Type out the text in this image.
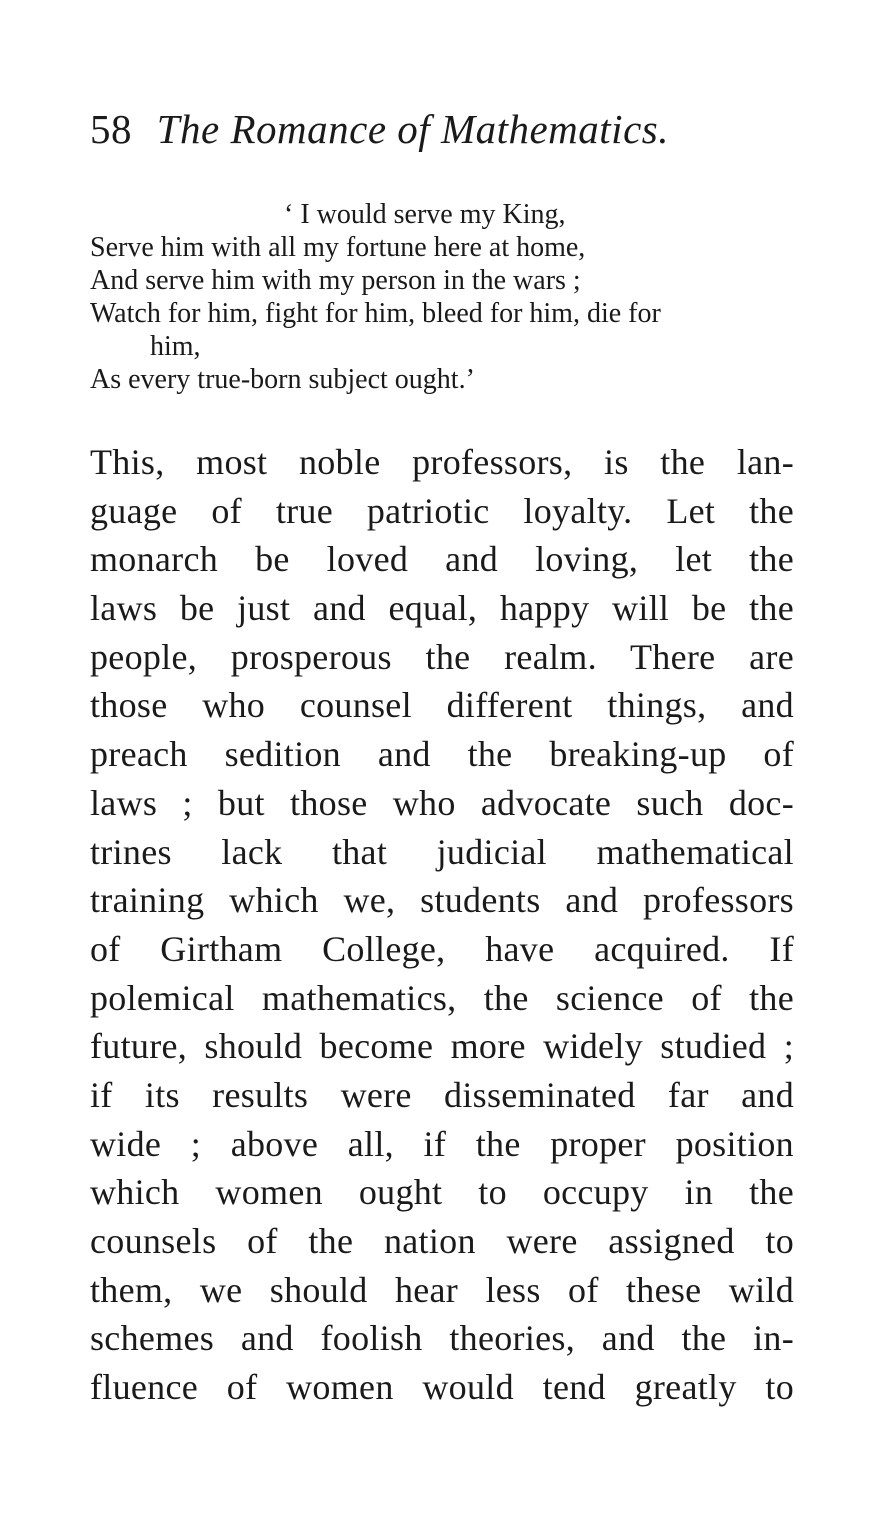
58 The Romance of Mathematics.
‘ I would serve my King,
Serve him with all my fortune here at home,
And serve him with my person in the wars ;
Watch for him, fight for him, bleed for him, die for
him,
As every true-born subject ought.’
This, most noble professors, is the lan-
guage of true patriotic loyalty. Let the
monarch be loved and loving, let the
laws be just and equal, happy will be the
people, prosperous the realm. There are
those who counsel different things, and
preach sedition and the breaking-up of
laws ; but those who advocate such doc-
trines lack that judicial mathematical
training which we, students and professors
of Girtham College, have acquired. If
polemical mathematics, the science of the
future, should become more widely studied ;
if its results were disseminated far and
wide ; above all, if the proper position
which women ought to occupy in the
counsels of the nation were assigned to
them, we should hear less of these wild
schemes and foolish theories, and the in-
fluence of women would tend greatly to
